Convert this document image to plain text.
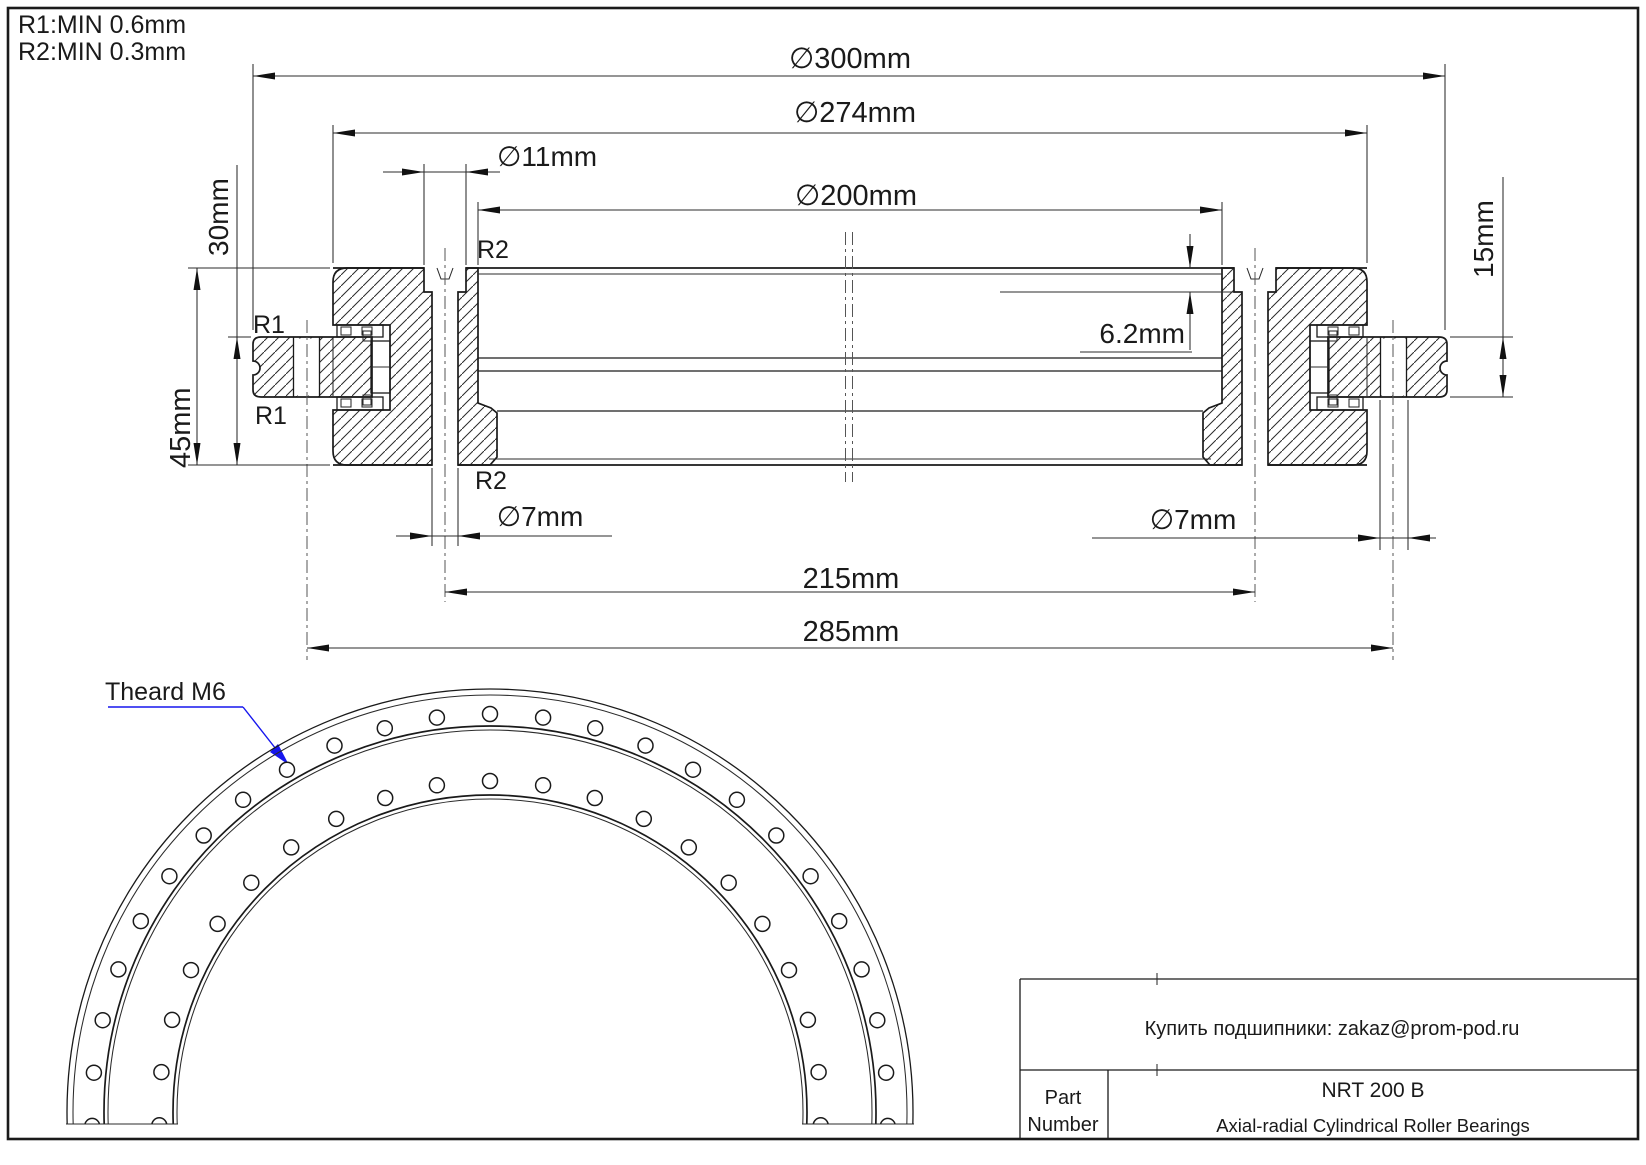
∅300mm
∅274mm
∅11mm
∅200mm
6.2mm
∅7mm	∅7mm
215mm
285mm
45mm
30mm	15mm
R1:MIN 0.6mm
R2:MIN 0.3mm
R2
R2
R1
R1
Theard M6
Купить подшипники: zakaz@prom-pod.ru
Part
Number
NRT 200 B
Axial-radial Cylindrical Roller Bearings
